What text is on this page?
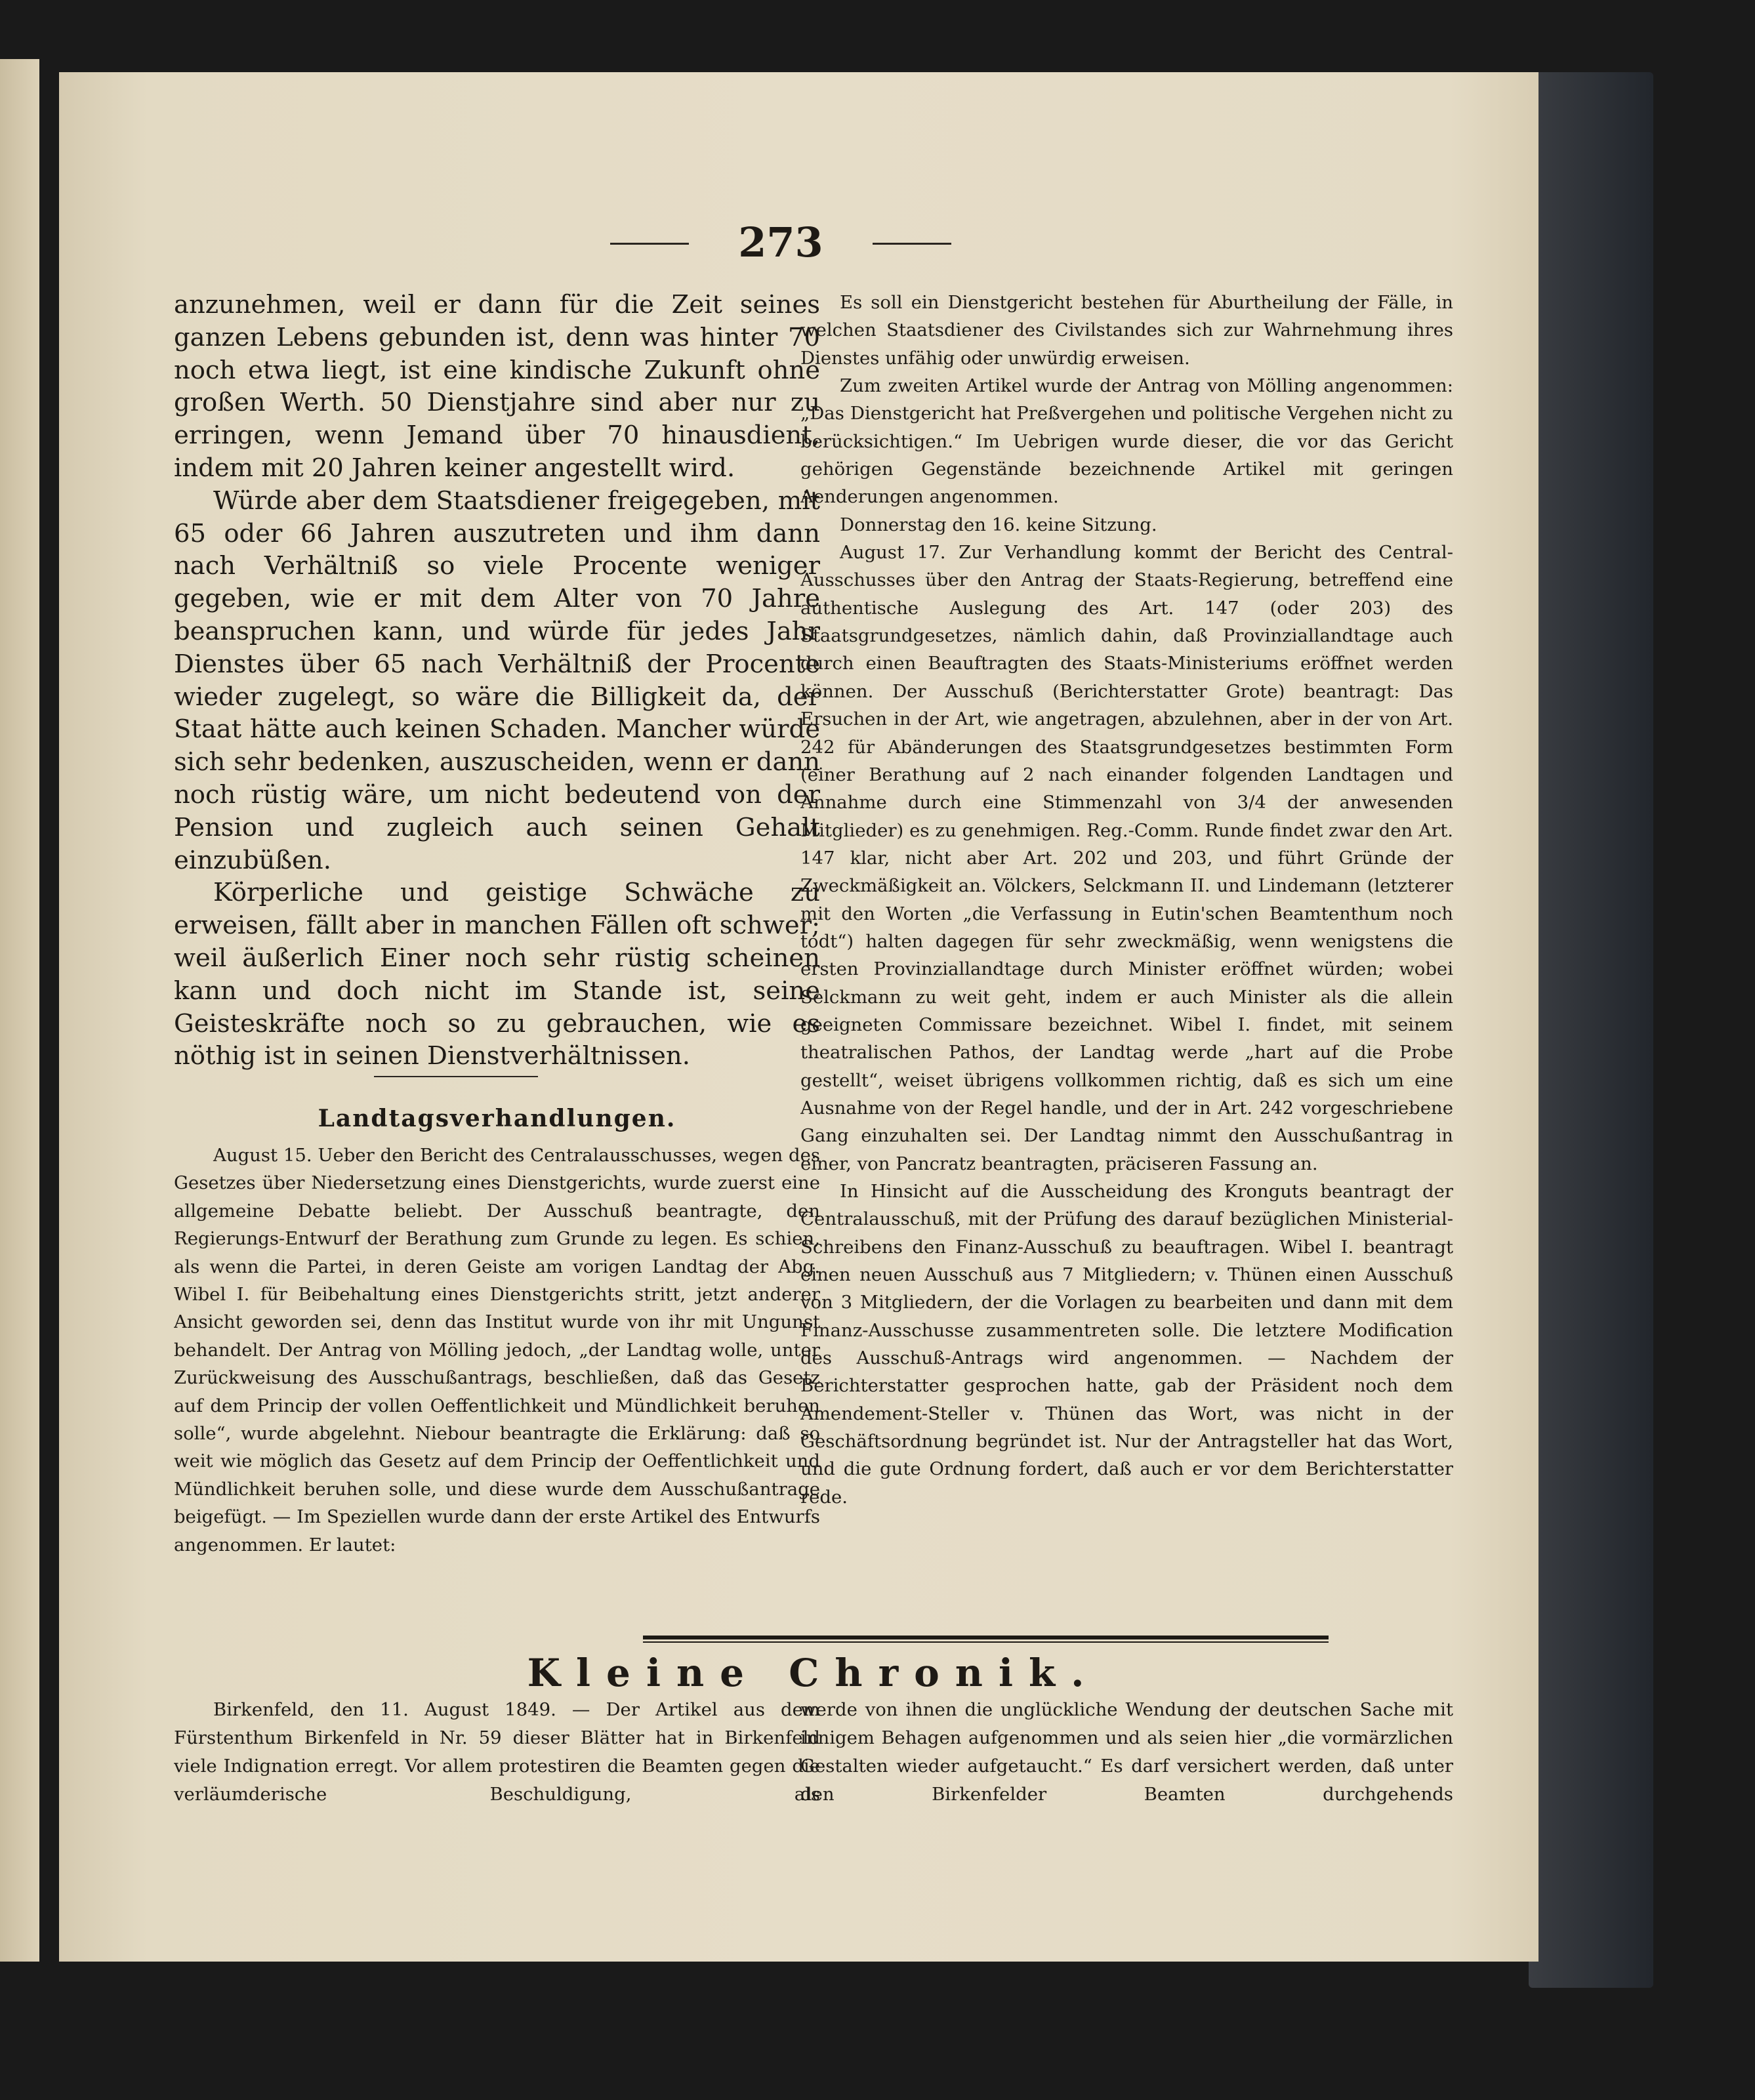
273

anzunehmen, weil er dann für die Zeit seines ganzen Lebens gebunden ist, denn was hinter 70 noch etwa liegt, ist eine kindische Zukunft ohne großen Werth. 50 Dienstjahre sind aber nur zu erringen, wenn Jemand über 70 hinausdient, indem mit 20 Jahren keiner angestellt wird.

Würde aber dem Staatsdiener freigegeben, mit 65 oder 66 Jahren auszutreten und ihm dann nach Verhältniß so viele Procente weniger gegeben, wie er mit dem Alter von 70 Jahre beanspruchen kann, und würde für jedes Jahr Dienstes über 65 nach Verhältniß der Procente wieder zugelegt, so wäre die Billigkeit da, der Staat hätte auch keinen Schaden. Mancher würde sich sehr bedenken, auszuscheiden, wenn er dann noch rüstig wäre, um nicht bedeutend von der Pension und zugleich auch seinen Gehalt einzubüßen.

Körperliche und geistige Schwäche zu erweisen, fällt aber in manchen Fällen oft schwer; weil äußerlich Einer noch sehr rüstig scheinen kann und doch nicht im Stande ist, seine Geisteskräfte noch so zu gebrauchen, wie es nöthig ist in seinen Dienstverhältnissen.

Landtagsverhandlungen.

August 15. Ueber den Bericht des Centralausschusses, wegen des Gesetzes über Niedersetzung eines Dienstgerichts, wurde zuerst eine allgemeine Debatte beliebt. Der Ausschuß beantragte, den Regierungs-Entwurf der Berathung zum Grunde zu legen. Es schien, als wenn die Partei, in deren Geiste am vorigen Landtag der Abg. Wibel I. für Beibehaltung eines Dienstgerichts stritt, jetzt anderer Ansicht geworden sei, denn das Institut wurde von ihr mit Ungunst behandelt. Der Antrag von Mölling jedoch, „der Landtag wolle, unter Zurückweisung des Ausschußantrags, beschließen, daß das Gesetz auf dem Princip der vollen Oeffentlichkeit und Mündlichkeit beruhen solle“, wurde abgelehnt. Niebour beantragte die Erklärung: daß so weit wie möglich das Gesetz auf dem Princip der Oeffentlichkeit und Mündlichkeit beruhen solle, und diese wurde dem Ausschußantrage beigefügt. — Im Speziellen wurde dann der erste Artikel des Entwurfs angenommen. Er lautet:

Es soll ein Dienstgericht bestehen für Aburtheilung der Fälle, in welchen Staatsdiener des Civilstandes sich zur Wahrnehmung ihres Dienstes unfähig oder unwürdig erweisen.

Zum zweiten Artikel wurde der Antrag von Mölling angenommen: „Das Dienstgericht hat Preßvergehen und politische Vergehen nicht zu berücksichtigen.“ Im Uebrigen wurde dieser, die vor das Gericht gehörigen Gegenstände bezeichnende Artikel mit geringen Aenderungen angenommen.

Donnerstag den 16. keine Sitzung.

August 17. Zur Verhandlung kommt der Bericht des Central-Ausschusses über den Antrag der Staats-Regierung, betreffend eine authentische Auslegung des Art. 147 (oder 203) des Staatsgrundgesetzes, nämlich dahin, daß Provinziallandtage auch durch einen Beauftragten des Staats-Ministeriums eröffnet werden können. Der Ausschuß (Berichterstatter Grote) beantragt: Das Ersuchen in der Art, wie angetragen, abzulehnen, aber in der von Art. 242 für Abänderungen des Staatsgrundgesetzes bestimmten Form (einer Berathung auf 2 nach einander folgenden Landtagen und Annahme durch eine Stimmenzahl von 3/4 der anwesenden Mitglieder) es zu genehmigen. Reg.-Comm. Runde findet zwar den Art. 147 klar, nicht aber Art. 202 und 203, und führt Gründe der Zweckmäßigkeit an. Völckers, Selckmann II. und Lindemann (letzterer mit den Worten „die Verfassung in Eutin'schen Beamtenthum noch todt“) halten dagegen für sehr zweckmäßig, wenn wenigstens die ersten Provinziallandtage durch Minister eröffnet würden; wobei Selckmann zu weit geht, indem er auch Minister als die allein geeigneten Commissare bezeichnet. Wibel I. findet, mit seinem theatralischen Pathos, der Landtag werde „hart auf die Probe gestellt“, weiset übrigens vollkommen richtig, daß es sich um eine Ausnahme von der Regel handle, und der in Art. 242 vorgeschriebene Gang einzuhalten sei. Der Landtag nimmt den Ausschußantrag in einer, von Pancratz beantragten, präciseren Fassung an.

In Hinsicht auf die Ausscheidung des Kronguts beantragt der Centralausschuß, mit der Prüfung des darauf bezüglichen Ministerial-Schreibens den Finanz-Ausschuß zu beauftragen. Wibel I. beantragt einen neuen Ausschuß aus 7 Mitgliedern; v. Thünen einen Ausschuß von 3 Mitgliedern, der die Vorlagen zu bearbeiten und dann mit dem Finanz-Ausschusse zusammentreten solle. Die letztere Modification des Ausschuß-Antrags wird angenommen. — Nachdem der Berichterstatter gesprochen hatte, gab der Präsident noch dem Amendement-Steller v. Thünen das Wort, was nicht in der Geschäftsordnung begründet ist. Nur der Antragsteller hat das Wort, und die gute Ordnung fordert, daß auch er vor dem Berichterstatter rede.

Kleine Chronik.

Birkenfeld, den 11. August 1849. — Der Artikel aus dem Fürstenthum Birkenfeld in Nr. 59 dieser Blätter hat in Birkenfeld viele Indignation erregt. Vor allem protestiren die Beamten gegen die verläumderische Beschuldigung, als

werde von ihnen die unglückliche Wendung der deutschen Sache mit innigem Behagen aufgenommen und als seien hier „die vormärzlichen Gestalten wieder aufgetaucht.“ Es darf versichert werden, daß unter den Birkenfelder Beamten durchgehends
